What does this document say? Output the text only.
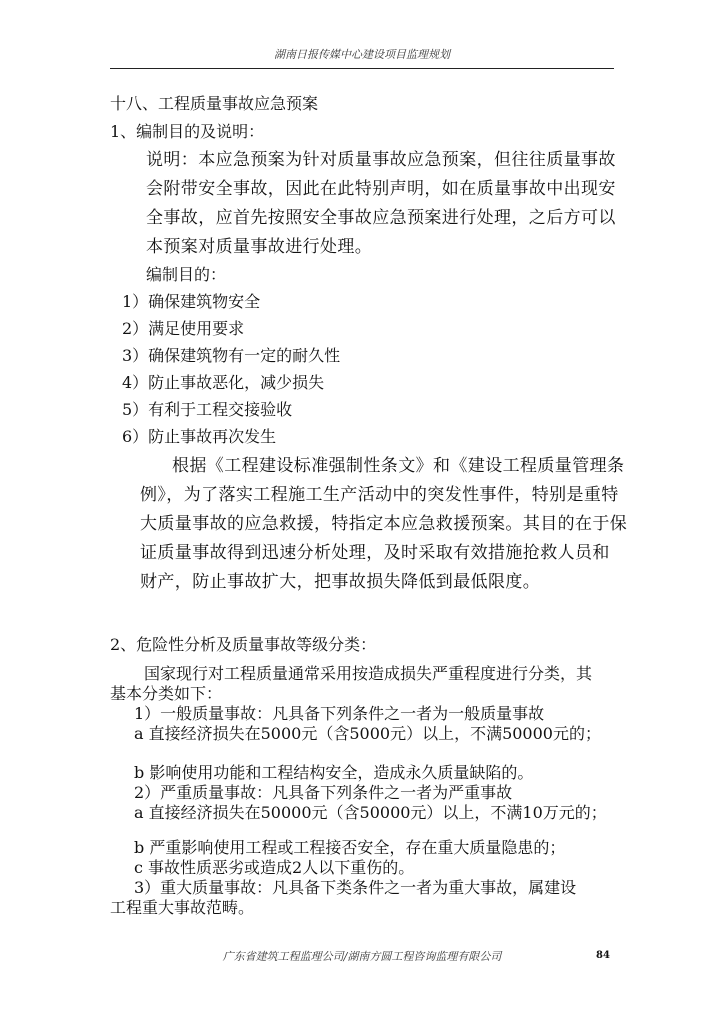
湖南日报传媒中心建设项目监理规划
十八、工程质量事故应急预案
1、编制目的及说明：
说明：本应急预案为针对质量事故应急预案，但往往质量事故
会附带安全事故，因此在此特别声明，如在质量事故中出现安
全事故，应首先按照安全事故应急预案进行处理，之后方可以
本预案对质量事故进行处理。
编制目的：
1）确保建筑物安全
2）满足使用要求
3）确保建筑物有一定的耐久性
4）防止事故恶化，减少损失
5）有利于工程交接验收
6）防止事故再次发生
根据《工程建设标准强制性条文》和《建设工程质量管理条
例》，为了落实工程施工生产活动中的突发性事件，特别是重特
大质量事故的应急救援，特指定本应急救援预案。其目的在于保
证质量事故得到迅速分析处理，及时采取有效措施抢救人员和
财产，防止事故扩大，把事故损失降低到最低限度。
2、危险性分析及质量事故等级分类：
国家现行对工程质量通常采用按造成损失严重程度进行分类，其
基本分类如下：
1）一般质量事故：凡具备下列条件之一者为一般质量事故
a 直接经济损失在5000元（含5000元）以上，不满50000元的；
b 影响使用功能和工程结构安全，造成永久质量缺陷的。
2）严重质量事故：凡具备下列条件之一者为严重事故
a 直接经济损失在50000元（含50000元）以上，不满10万元的；
b 严重影响使用工程或工程接否安全，存在重大质量隐患的；
c 事故性质恶劣或造成2人以下重伤的。
3）重大质量事故：凡具备下类条件之一者为重大事故，属建设
工程重大事故范畴。
广东省建筑工程监理公司/湖南方圆工程咨询监理有限公司	84
